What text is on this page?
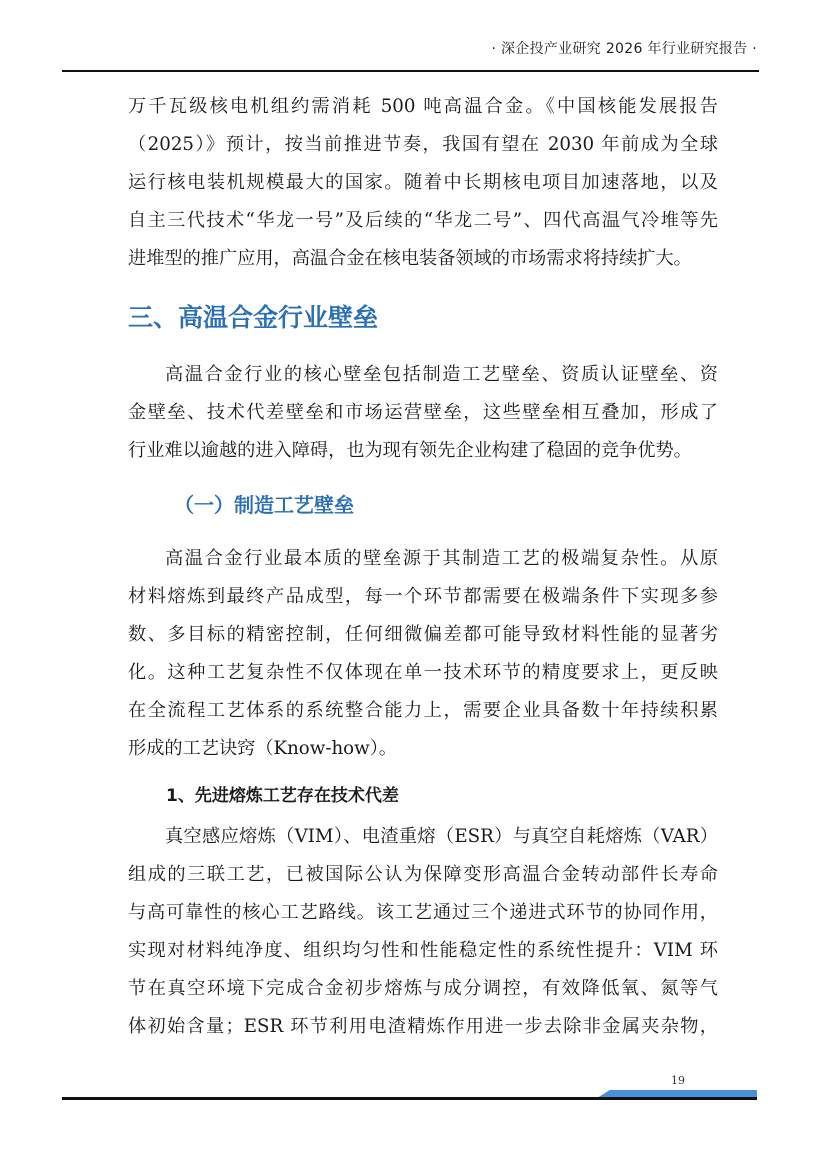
· 深企投产业研究 2026 年行业研究报告 ·

万千瓦级核电机组约需消耗 500 吨高温合金。《中国核能发展报告

（2025）》预计，按当前推进节奏，我国有望在 2030 年前成为全球

运行核电装机规模最大的国家。随着中长期核电项目加速落地，以及

自主三代技术“华龙一号”及后续的“华龙二号”、四代高温气冷堆等先

进堆型的推广应用，高温合金在核电装备领域的市场需求将持续扩大。

三、高温合金行业壁垒

高温合金行业的核心壁垒包括制造工艺壁垒、资质认证壁垒、资

金壁垒、技术代差壁垒和市场运营壁垒，这些壁垒相互叠加，形成了

行业难以逾越的进入障碍，也为现有领先企业构建了稳固的竞争优势。

（一）制造工艺壁垒

高温合金行业最本质的壁垒源于其制造工艺的极端复杂性。从原

材料熔炼到最终产品成型，每一个环节都需要在极端条件下实现多参

数、多目标的精密控制，任何细微偏差都可能导致材料性能的显著劣

化。这种工艺复杂性不仅体现在单一技术环节的精度要求上，更反映

在全流程工艺体系的系统整合能力上，需要企业具备数十年持续积累

形成的工艺诀窍（Know-how）。

1、先进熔炼工艺存在技术代差

真空感应熔炼（VIM）、电渣重熔（ESR）与真空自耗熔炼（VAR）

组成的三联工艺，已被国际公认为保障变形高温合金转动部件长寿命

与高可靠性的核心工艺路线。该工艺通过三个递进式环节的协同作用，

实现对材料纯净度、组织均匀性和性能稳定性的系统性提升：VIM 环

节在真空环境下完成合金初步熔炼与成分调控，有效降低氧、氮等气

体初始含量；ESR 环节利用电渣精炼作用进一步去除非金属夹杂物，

19
